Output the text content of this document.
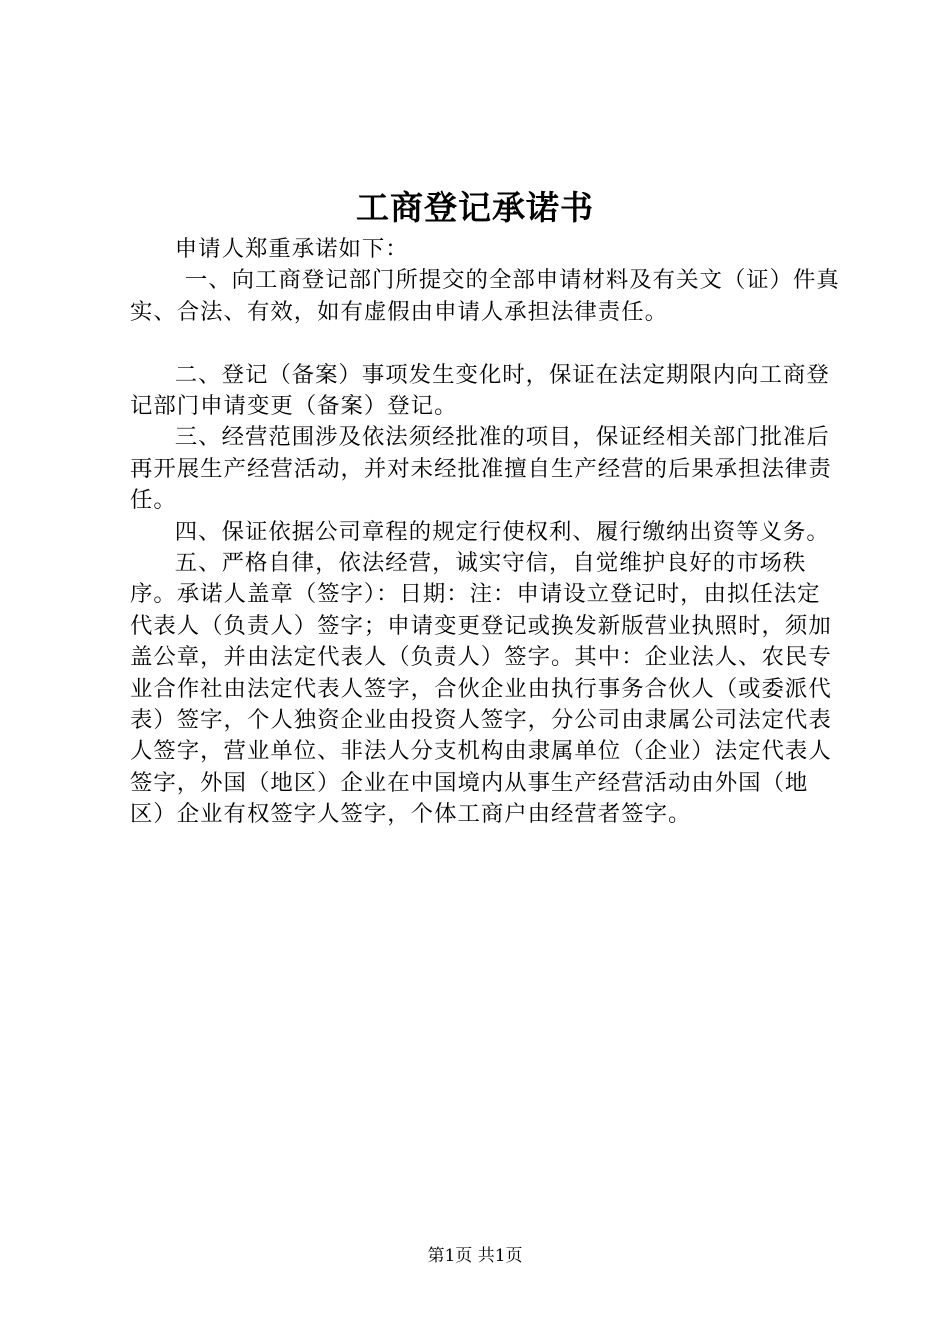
工商登记承诺书

申请人郑重承诺如下：

一、向工商登记部门所提交的全部申请材料及有关文（证）件真实、合法、有效，如有虚假由申请人承担法律责任。

二、登记（备案）事项发生变化时，保证在法定期限内向工商登记部门申请变更（备案）登记。

三、经营范围涉及依法须经批准的项目，保证经相关部门批准后再开展生产经营活动，并对未经批准擅自生产经营的后果承担法律责任。

四、保证依据公司章程的规定行使权利、履行缴纳出资等义务。

五、严格自律，依法经营，诚实守信，自觉维护良好的市场秩序。承诺人盖章（签字）：日期：注：申请设立登记时，由拟任法定代表人（负责人）签字；申请变更登记或换发新版营业执照时，须加盖公章，并由法定代表人（负责人）签字。其中：企业法人、农民专业合作社由法定代表人签字，合伙企业由执行事务合伙人（或委派代表）签字，个人独资企业由投资人签字，分公司由隶属公司法定代表人签字，营业单位、非法人分支机构由隶属单位（企业）法定代表人签字，外国（地区）企业在中国境内从事生产经营活动由外国（地区）企业有权签字人签字，个体工商户由经营者签字。

第1页 共1页
